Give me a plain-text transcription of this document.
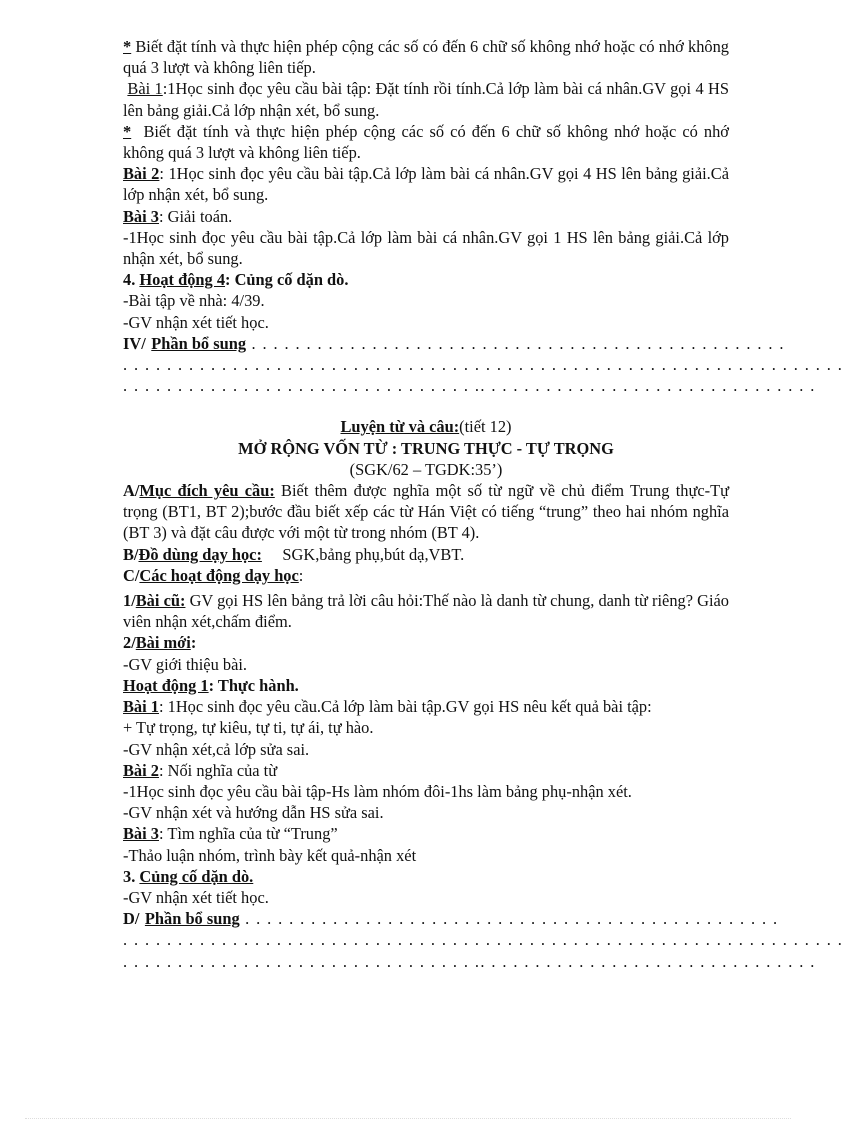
* Biết đặt tính và thực hiện phép cộng các số có đến 6 chữ số không nhớ hoặc có nhớ không quá 3 lượt và không liên tiếp.

Bài 1:1Học sinh đọc yêu cầu bài tập: Đặt tính rồi tính.Cả lớp làm bài cá nhân.GV gọi 4 HS lên bảng giải.Cả lớp nhận xét, bổ sung.

* Biết đặt tính và thực hiện phép cộng các số có đến 6 chữ số không nhớ hoặc có nhớ không quá 3 lượt và không liên tiếp.

Bài 2: 1Học sinh đọc yêu cầu bài tập.Cả lớp làm bài cá nhân.GV gọi 4 HS lên bảng giải.Cả lớp nhận xét, bổ sung.

Bài 3: Giải toán.

-1Học sinh đọc yêu cầu bài tập.Cả lớp làm bài cá nhân.GV gọi 1 HS lên bảng giải.Cả lớp nhận xét, bổ sung.

4. Hoạt động 4: Củng cố dặn dò.

-Bài tập về nhà: 4/39.

-GV nhận xét tiết học.

IV/ Phần bổ sung . . . . . . . . . . . . . . . . . . . . . . . . . . . . . . . . . . . . . . . . . . . . . . . . .

. . . . . . . . . . . . . . . . . . . . . . . . . . . . . . . . . . . . . . . . . . . . . . . . . . . . . . . . . . . . . . . . . .

. . . . . . . . . . . . . . . . . . . . . . . . . . . . . . . . .. . . . . . . . . . . . . . . . . . . . . . . . . . . . . . .

Luyện từ và câu:(tiết 12)

MỞ RỘNG VỐN TỪ : TRUNG THỰC - TỰ TRỌNG

(SGK/62 – TGDK:35’)

A/Mục đích yêu cầu: Biết thêm được nghĩa một số từ ngữ về chủ điểm Trung thực-Tự trọng (BT1, BT 2);bước đầu biết xếp các từ Hán Việt có tiếng “trung” theo hai nhóm nghĩa (BT 3) và đặt câu được với một từ trong nhóm (BT 4).

B/Đồ dùng dạy học:     SGK,bảng phụ,bút dạ,VBT.

C/Các hoạt động dạy học:

1/Bài cũ: GV gọi HS lên bảng trả lời câu hỏi:Thế nào là danh từ chung, danh từ riêng? Giáo viên nhận xét,chấm điểm.

2/Bài mới:

-GV giới thiệu bài.

Hoạt động 1: Thực hành.

Bài 1: 1Học sinh đọc yêu cầu.Cả lớp làm bài tập.GV gọi HS nêu kết quả bài tập:

+ Tự trọng, tự kiêu, tự ti, tự ái, tự hào.

-GV nhận xét,cả lớp sửa sai.

Bài 2: Nối nghĩa của từ

-1Học sinh đọc yêu cầu bài tập-Hs làm nhóm đôi-1hs làm bảng phụ-nhận xét.

-GV nhận xét và hướng dẫn HS sửa sai.

Bài 3: Tìm nghĩa của từ “Trung”

-Thảo luận nhóm, trình bày kết quả-nhận xét

3. Củng cố dặn dò.

-GV nhận xét tiết học.

D/ Phần bổ sung . . . . . . . . . . . . . . . . . . . . . . . . . . . . . . . . . . . . . . . . . . . . . . . . .

. . . . . . . . . . . . . . . . . . . . . . . . . . . . . . . . . . . . . . . . . . . . . . . . . . . . . . . . . . . . . . . . . .

. . . . . . . . . . . . . . . . . . . . . . . . . . . . . . . . .. . . . . . . . . . . . . . . . . . . . . . . . . . . . . . .
